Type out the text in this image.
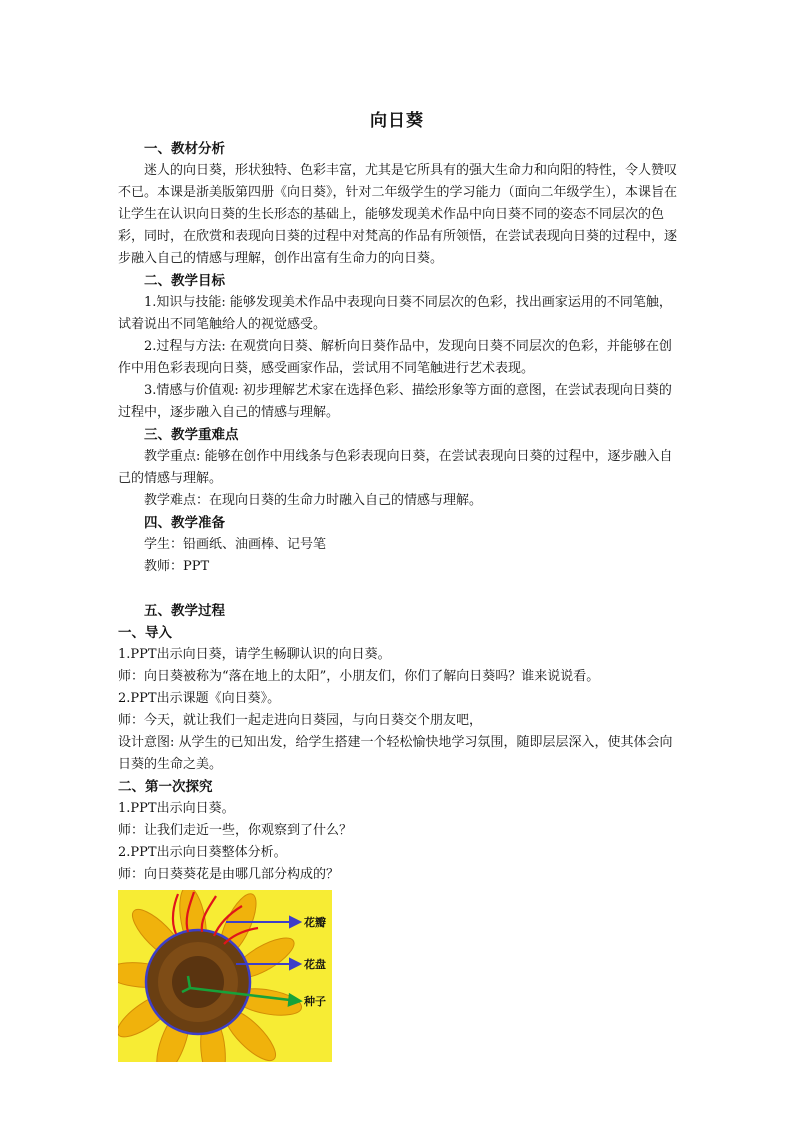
向日葵

一、教材分析

迷人的向日葵，形状独特、色彩丰富，尤其是它所具有的强大生命力和向阳的特性，令人赞叹不已。本课是浙美版第四册《向日葵》，针对二年级学生的学习能力（面向二年级学生），本课旨在让学生在认识向日葵的生长形态的基础上，能够发现美术作品中向日葵不同的姿态不同层次的色彩，同时，在欣赏和表现向日葵的过程中对梵高的作品有所领悟，在尝试表现向日葵的过程中，逐步融入自己的情感与理解，创作出富有生命力的向日葵。

二、教学目标

1.知识与技能: 能够发现美术作品中表现向日葵不同层次的色彩，找出画家运用的不同笔触，试着说出不同笔触给人的视觉感受。

2.过程与方法: 在观赏向日葵、解析向日葵作品中，发现向日葵不同层次的色彩，并能够在创作中用色彩表现向日葵，感受画家作品，尝试用不同笔触进行艺术表现。

3.情感与价值观: 初步理解艺术家在选择色彩、描绘形象等方面的意图，在尝试表现向日葵的过程中，逐步融入自己的情感与理解。

三、教学重难点

教学重点: 能够在创作中用线条与色彩表现向日葵，在尝试表现向日葵的过程中，逐步融入自己的情感与理解。

教学难点：在现向日葵的生命力时融入自己的情感与理解。

四、教学准备

学生：铅画纸、油画棒、记号笔

教师：PPT

五、教学过程

一、导入

1.PPT出示向日葵，请学生畅聊认识的向日葵。

师：向日葵被称为“落在地上的太阳”，小朋友们，你们了解向日葵吗？谁来说说看。

2.PPT出示课题《向日葵》。

师：今天，就让我们一起走进向日葵园，与向日葵交个朋友吧，

设计意图: 从学生的已知出发，给学生搭建一个轻松愉快地学习氛围，随即层层深入，使其体会向日葵的生命之美。

二、第一次探究

1.PPT出示向日葵。

师：让我们走近一些，你观察到了什么？

2.PPT出示向日葵整体分析。

师：向日葵葵花是由哪几部分构成的？

花瓣
花盘
种子
